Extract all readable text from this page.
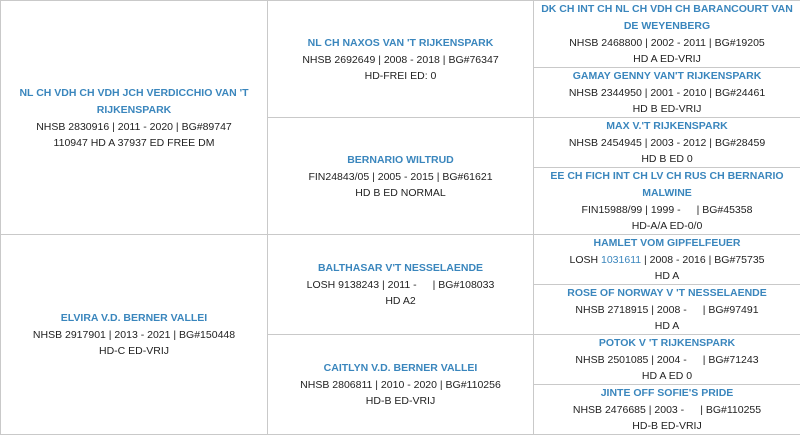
NL CH VDH CH VDH JCH VERDICCHIO VAN 'T RIJKENSPARK
NHSB 2830916 | 2011 - 2020 | BG#89747
110947 HD A 37937 ED FREE DM	NL CH NAXOS VAN 'T RIJKENSPARK
NHSB 2692649 | 2008 - 2018 | BG#76347
HD-FREI ED: 0	DK CH INT CH NL CH VDH CH BARANCOURT VAN DE WEYENBERG
NHSB 2468800 | 2002 - 2011 | BG#19205
HD A ED-VRIJ

		GAMAY GENNY VAN'T RIJKENSPARK
NHSB 2344950 | 2001 - 2010 | BG#24461
HD B ED-VRIJ

	BERNARIO WILTRUD
FIN24843/05 | 2005 - 2015 | BG#61621
HD B ED NORMAL	MAX V.'T RIJKENSPARK
NHSB 2454945 | 2003 - 2012 | BG#28459
HD B ED 0

		EE CH FICH INT CH LV CH RUS CH BERNARIO MALWINE
FIN15988/99 | 1999 - | BG#45358
HD-A/A ED-0/0

ELVIRA V.D. BERNER VALLEI
NHSB 2917901 | 2013 - 2021 | BG#150448
HD-C ED-VRIJ	BALTHASAR V'T NESSELAENDE
LOSH 9138243 | 2011 - | BG#108033
HD A2	HAMLET VOM GIPFELFEUER
LOSH 1031611 | 2008 - 2016 | BG#75735
HD A

		ROSE OF NORWAY V 'T NESSELAENDE
NHSB 2718915 | 2008 - | BG#97491
HD A

	CAITLYN V.D. BERNER VALLEI
NHSB 2806811 | 2010 - 2020 | BG#110256
HD-B ED-VRIJ	POTOK V 'T RIJKENSPARK
NHSB 2501085 | 2004 - | BG#71243
HD A ED 0

		JINTE OFF SOFIE'S PRIDE
NHSB 2476685 | 2003 - | BG#110255
HD-B ED-VRIJ
